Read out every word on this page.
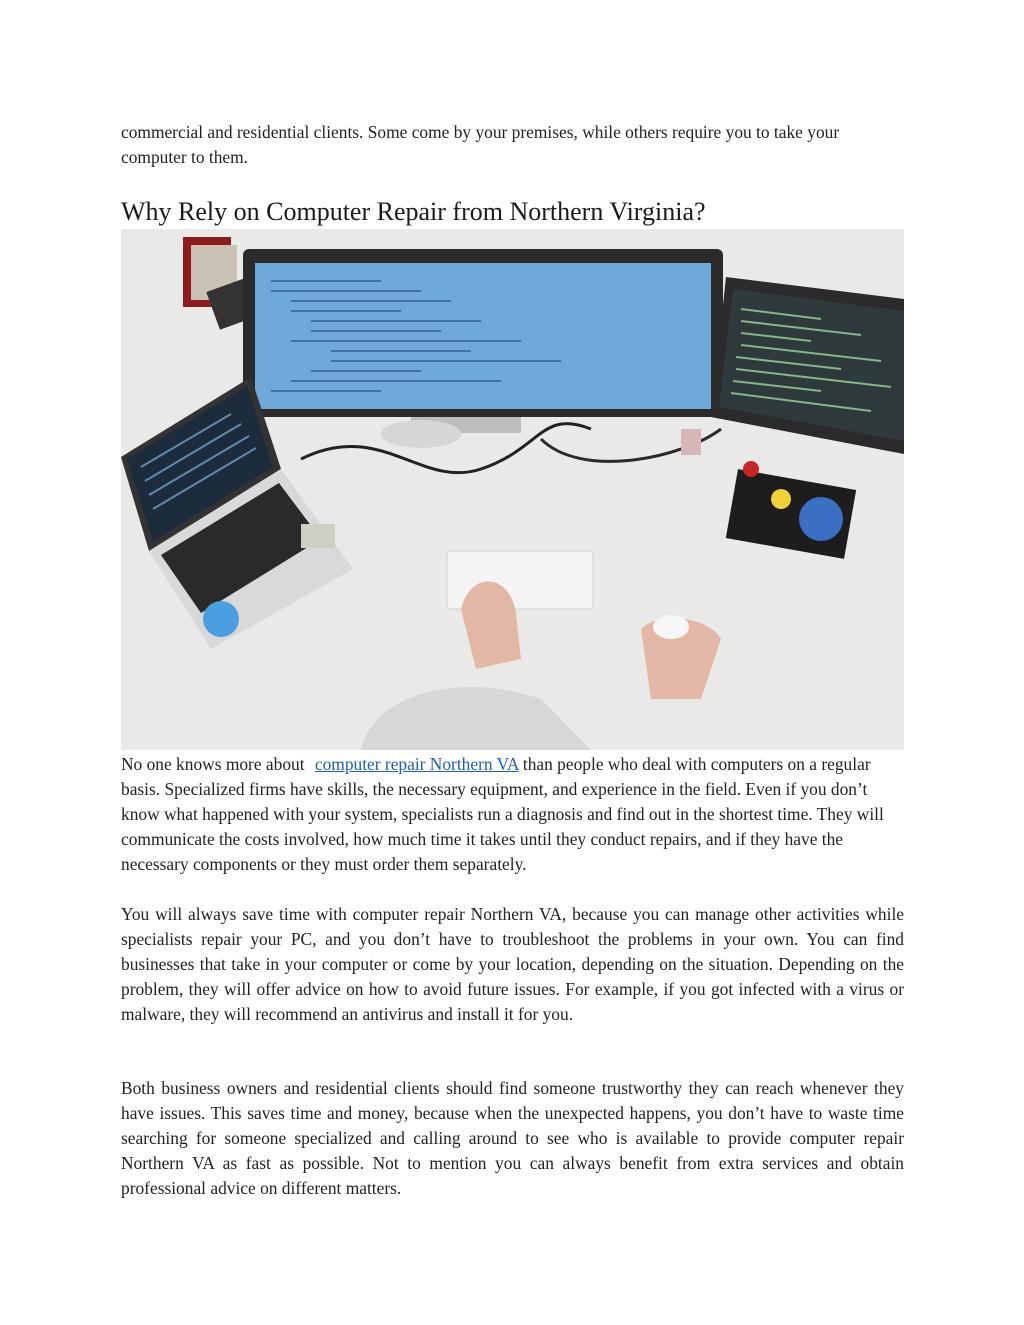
commercial and residential clients. Some come by your premises, while others require you to take your computer to them.

Why Rely on Computer Repair from Northern Virginia?

No one knows more about computer repair Northern VA than people who deal with computers on a regular basis. Specialized firms have skills, the necessary equipment, and experience in the field. Even if you don’t know what happened with your system, specialists run a diagnosis and find out in the shortest time. They will communicate the costs involved, how much time it takes until they conduct repairs, and if they have the necessary components or they must order them separately.

You will always save time with computer repair Northern VA, because you can manage other activities while specialists repair your PC, and you don’t have to troubleshoot the problems in your own. You can find businesses that take in your computer or come by your location, depending on the situation. Depending on the problem, they will offer advice on how to avoid future issues. For example, if you got infected with a virus or malware, they will recommend an antivirus and install it for you.

Both business owners and residential clients should find someone trustworthy they can reach whenever they have issues. This saves time and money, because when the unexpected happens, you don’t have to waste time searching for someone specialized and calling around to see who is available to provide computer repair Northern VA as fast as possible. Not to mention you can always benefit from extra services and obtain professional advice on different matters.
